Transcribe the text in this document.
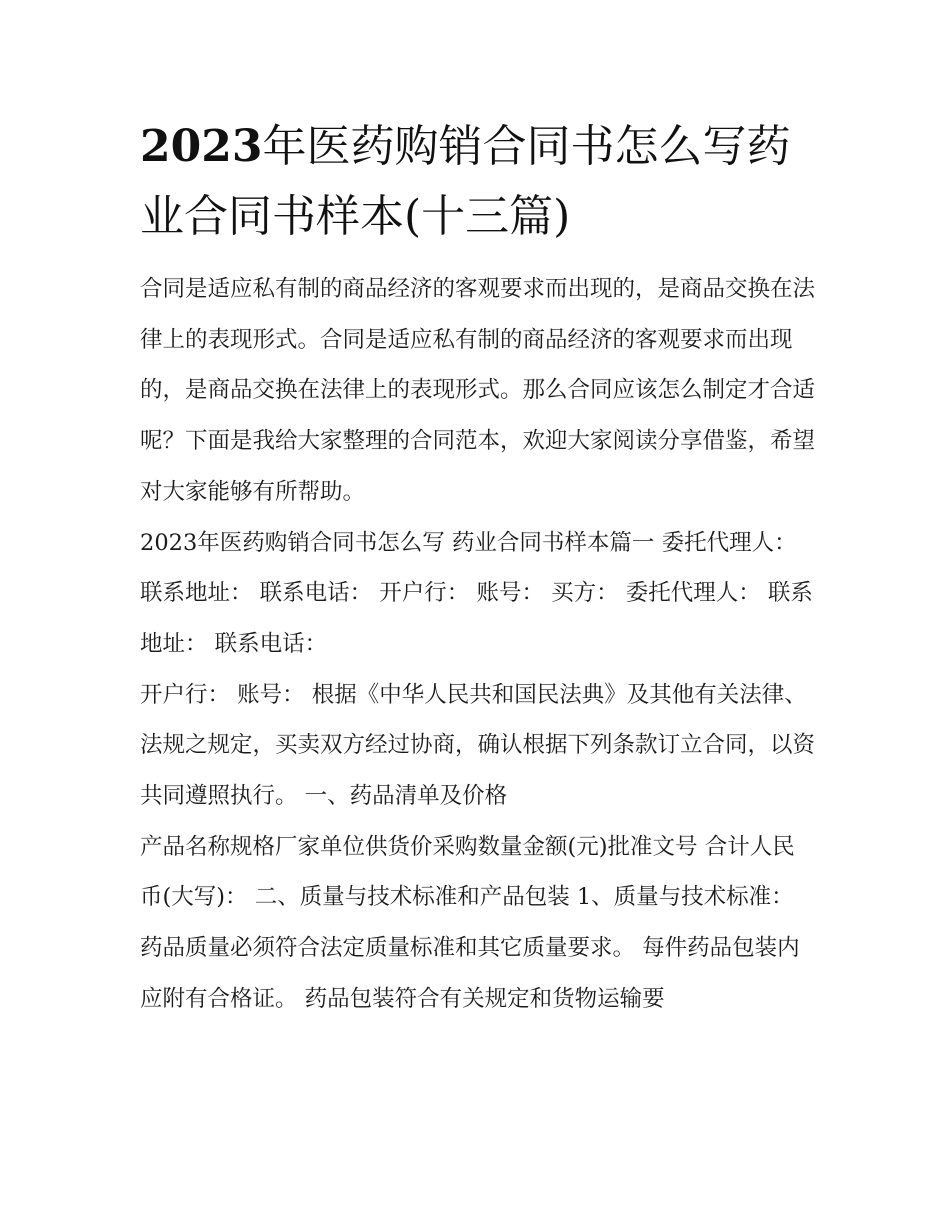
2023年医药购销合同书怎么写药业合同书样本(十三篇)

合同是适应私有制的商品经济的客观要求而出现的，是商品交换在法律上的表现形式。合同是适应私有制的商品经济的客观要求而出现的，是商品交换在法律上的表现形式。那么合同应该怎么制定才合适呢？下面是我给大家整理的合同范本，欢迎大家阅读分享借鉴，希望对大家能够有所帮助。

2023年医药购销合同书怎么写 药业合同书样本篇一 委托代理人： 联系地址： 联系电话： 开户行： 账号： 买方： 委托代理人： 联系地址： 联系电话：

开户行： 账号： 根据《中华人民共和国民法典》及其他有关法律、法规之规定，买卖双方经过协商，确认根据下列条款订立合同，以资共同遵照执行。 一、药品清单及价格

产品名称规格厂家单位供货价采购数量金额(元)批准文号 合计人民币(大写)： 二、质量与技术标准和产品包装 1、质量与技术标准：

药品质量必须符合法定质量标准和其它质量要求。 每件药品包装内应附有合格证。 药品包装符合有关规定和货物运输要
